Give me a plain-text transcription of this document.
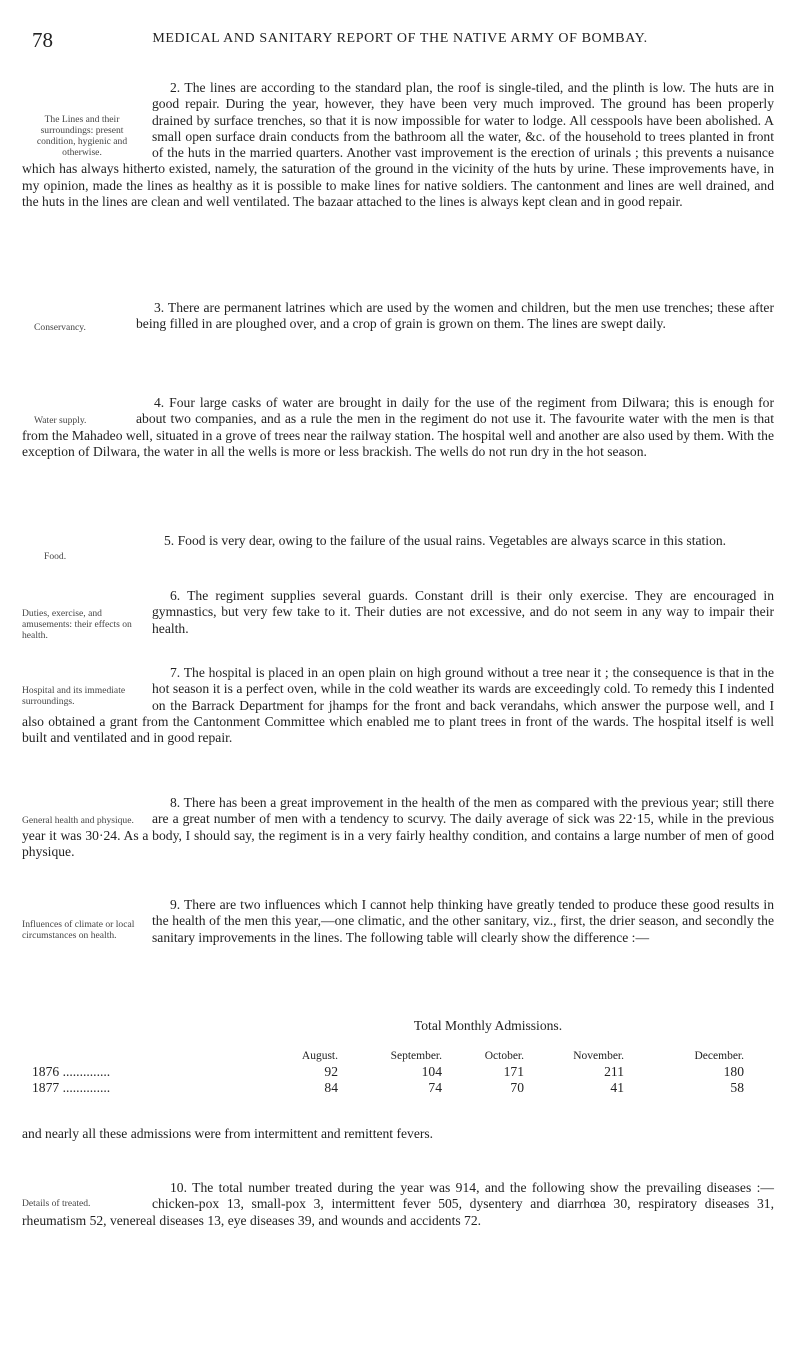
78	MEDICAL AND SANITARY REPORT OF THE NATIVE ARMY OF BOMBAY.
The Lines and their surroundings: present condition, hygienic and otherwise.

2. The lines are according to the standard plan, the roof is single-tiled, and the plinth is low. The huts are in good repair. During the year, however, they have been very much improved. The ground has been properly drained by surface trenches, so that it is now impossible for water to lodge. All cesspools have been abolished. A small open surface drain conducts from the bathroom all the water, &c. of the household to trees planted in front of the huts in the married quarters. Another vast improvement is the erection of urinals ; this prevents a nuisance which has always hitherto existed, namely, the saturation of the ground in the vicinity of the huts by urine. These improvements have, in my opinion, made the lines as healthy as it is possible to make lines for native soldiers. The cantonment and lines are well drained, and the huts in the lines are clean and well ventilated. The bazaar attached to the lines is always kept clean and in good repair.

Conservancy.

3. There are permanent latrines which are used by the women and children, but the men use trenches; these after being filled in are ploughed over, and a crop of grain is grown on them. The lines are swept daily.

Water supply.

4. Four large casks of water are brought in daily for the use of the regiment from Dilwara; this is enough for about two companies, and as a rule the men in the regiment do not use it. The favourite water with the men is that from the Mahadeo well, situated in a grove of trees near the railway station. The hospital well and another are also used by them. With the exception of Dilwara, the water in all the wells is more or less brackish. The wells do not run dry in the hot season.

Food.

5. Food is very dear, owing to the failure of the usual rains. Vegetables are always scarce in this station.

Duties, exercise, and amusements: their effects on health.

6. The regiment supplies several guards. Constant drill is their only exercise. They are encouraged in gymnastics, but very few take to it. Their duties are not excessive, and do not seem in any way to impair their health.

Hospital and its immediate surroundings.

7. The hospital is placed in an open plain on high ground without a tree near it ; the consequence is that in the hot season it is a perfect oven, while in the cold weather its wards are exceedingly cold. To remedy this I indented on the Barrack Department for jhamps for the front and back verandahs, which answer the purpose well, and I also obtained a grant from the Cantonment Committee which enabled me to plant trees in front of the wards. The hospital itself is well built and ventilated and in good repair.

General health and physique.

8. There has been a great improvement in the health of the men as compared with the previous year; still there are a great number of men with a tendency to scurvy. The daily average of sick was 22·15, while in the previous year it was 30·24. As a body, I should say, the regiment is in a very fairly healthy condition, and contains a large number of men of good physique.

Influences of climate or local circumstances on health.

9. There are two influences which I cannot help thinking have greatly tended to produce these good results in the health of the men this year,—one climatic, and the other sanitary, viz., first, the drier season, and secondly the sanitary improvements in the lines. The following table will clearly show the difference :—

Total Monthly Admissions.
	August.	September.	October.	November.	December.
1876 ..............	92	104	171	211	180
1877 ..............	84	74	70	41	58

and nearly all these admissions were from intermittent and remittent fevers.

Details of treated.

10. The total number treated during the year was 914, and the following show the prevailing diseases :—chicken-pox 13, small-pox 3, intermittent fever 505, dysentery and diarrhœa 30, respiratory diseases 31, rheumatism 52, venereal diseases 13, eye diseases 39, and wounds and accidents 72.
